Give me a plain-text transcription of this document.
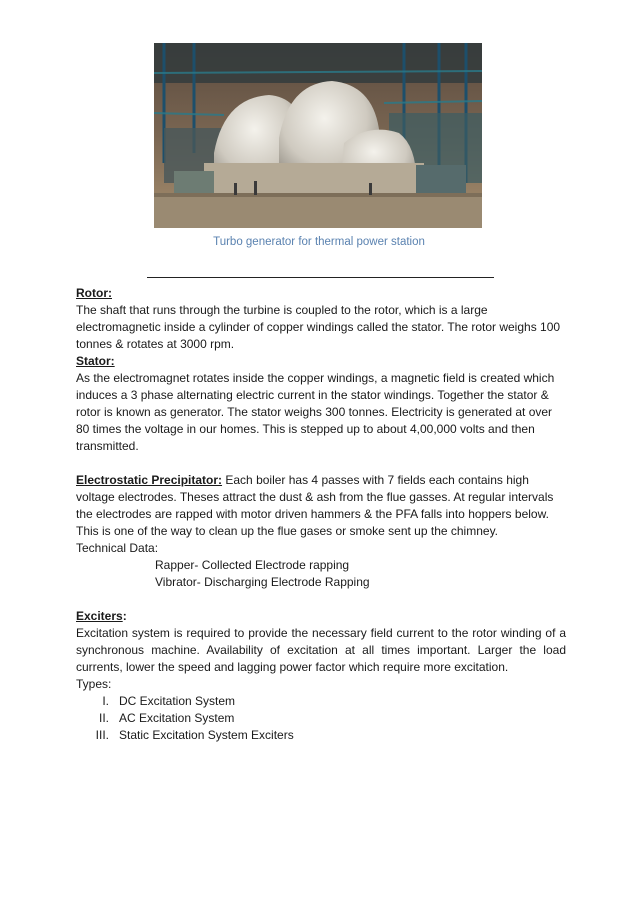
Turbo generator for thermal power station

Rotor:

The shaft that runs through the turbine is coupled to the rotor, which is a large electromagnetic inside a cylinder of copper windings called the stator. The rotor weighs 100 tonnes & rotates at 3000 rpm.

Stator:

As the electromagnet rotates inside the copper windings, a magnetic field is created which induces a 3 phase alternating electric current in the stator windings. Together the stator & rotor is known as generator. The stator weighs 300 tonnes. Electricity is generated at over 80 times the voltage in our homes. This is stepped up to about 4,00,000 volts and then transmitted.

Electrostatic Precipitator: Each boiler has 4 passes with 7 fields each contains high voltage electrodes. Theses attract the dust & ash from the flue gasses. At regular intervals the electrodes are rapped with motor driven hammers & the PFA falls into hoppers below. This is one of the way to clean up the flue gases or smoke sent up the chimney.

Technical Data:

Rapper- Collected Electrode rapping

Vibrator- Discharging Electrode Rapping

Exciters:

Excitation system is required to provide the necessary field current to the rotor winding of a synchronous machine. Availability of excitation at all times important. Larger the load currents, lower the speed and lagging power factor which require more excitation.

Types:

I. DC Excitation System
II. AC Excitation System
III. Static Excitation System Exciters
